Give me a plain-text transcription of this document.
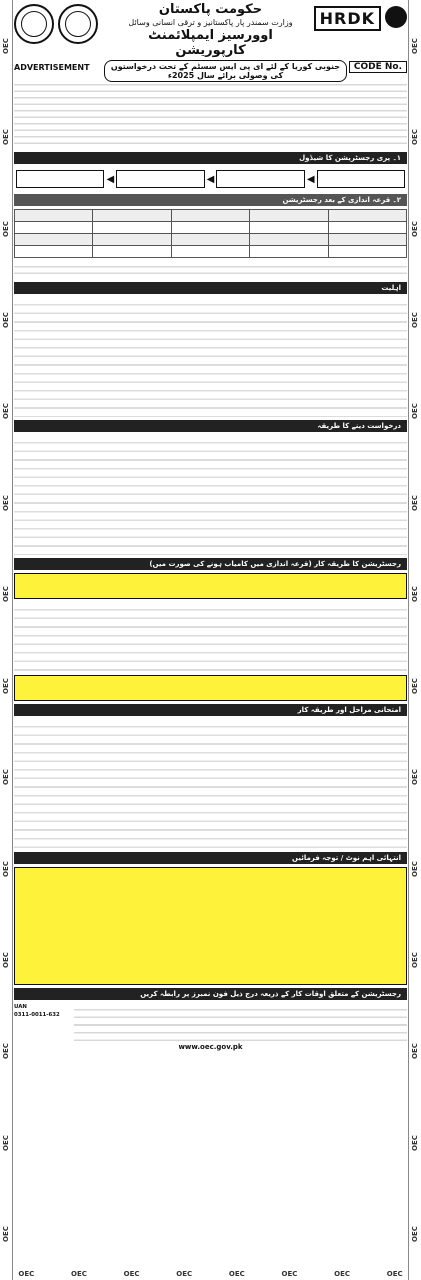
OEC
OEC
OEC
OEC
OEC
OEC
OEC
OEC
OEC
OEC
OEC
OEC
OEC
OEC
OEC
OEC
OEC
OEC
OEC
OEC
OEC
OEC
OEC
OEC
OEC
OEC
OEC
OEC
حکومت پاکستان
وزارت سمندر پار پاکستانیز و ترقی انسانی وسائل
اوورسیز ایمپلائمنٹ کارپوریشن
HRDK
ADVERTISEMENT	جنوبی کوریا کے لئے ای پی ایس سسٹم کے تحت درخواستوں کی وصولی برائے سال 2025ء
CODE No.
۱۔ پری رجسٹریشن کا شیڈول
◀	◀	◀
۲۔ قرعہ اندازی کے بعد رجسٹریشن

اہلیت
درخواست دینے کا طریقہ
رجسٹریشن کا طریقہ کار (قرعہ اندازی میں کامیاب ہونے کی صورت میں)
امتحانی مراحل اور طریقہ کار
انتہائی اہم نوٹ / توجہ فرمائیں
رجسٹریشن کے متعلق اوقات کار کے ذریعہ درج ذیل فون نمبرز پر رابطہ کریں
UAN
0311-0011-632
www.oec.gov.pk
OEC	OEC	OEC	OEC	OEC	OEC	OEC	OEC
